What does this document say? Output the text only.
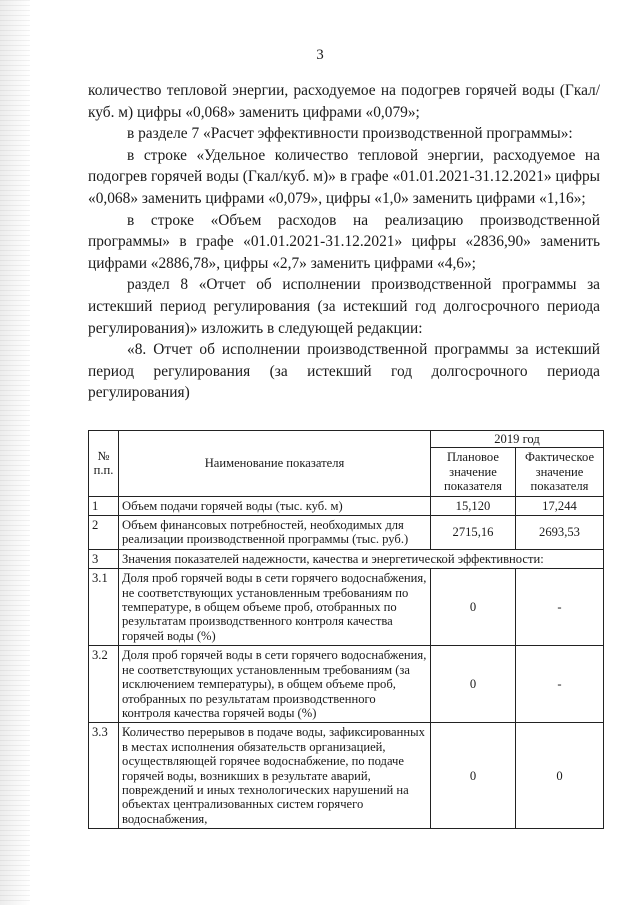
3

количество тепловой энергии, расходуемое на подогрев горячей воды (Гкал/куб. м) цифры «0,068» заменить цифрами «0,079»;

в разделе 7 «Расчет эффективности производственной программы»:

в строке «Удельное количество тепловой энергии, расходуемое на подогрев горячей воды (Гкал/куб. м)» в графе «01.01.2021-31.12.2021» цифры «0,068» заменить цифрами «0,079», цифры «1,0» заменить цифрами «1,16»;

в строке «Объем расходов на реализацию производственной программы» в графе «01.01.2021-31.12.2021» цифры «2836,90» заменить цифрами «2886,78», цифры «2,7» заменить цифрами «4,6»;

раздел 8 «Отчет об исполнении производственной программы за истекший период регулирования (за истекший год долгосрочного периода регулирования)» изложить в следующей редакции:

«8. Отчет об исполнении производственной программы за истекший период регулирования (за истекший год долгосрочного периода регулирования)

№ п.п.	Наименование показателя	2019 год	
		Плановое значение показателя	Фактическое значение показателя
1	Объем подачи горячей воды (тыс. куб. м)	15,120	17,244
2	Объем финансовых потребностей, необходимых для реализации производственной программы (тыс. руб.)	2715,16	2693,53
3	Значения показателей надежности, качества и энергетической эффективности:		
3.1	Доля проб горячей воды в сети горячего водоснабжения, не соответствующих установленным требованиям по температуре, в общем объеме проб, отобранных по результатам производственного контроля качества горячей воды (%)	0	-
3.2	Доля проб горячей воды в сети горячего водоснабжения, не соответствующих установленным требованиям (за исключением температуры), в общем объеме проб, отобранных по результатам производственного контроля качества горячей воды (%)	0	-
3.3	Количество перерывов в подаче воды, зафиксированных в местах исполнения обязательств организацией, осуществляющей горячее водоснабжение, по подаче горячей воды, возникших в результате аварий, повреждений и иных технологических нарушений на объектах централизованных систем горячего водоснабжения,	0	0
